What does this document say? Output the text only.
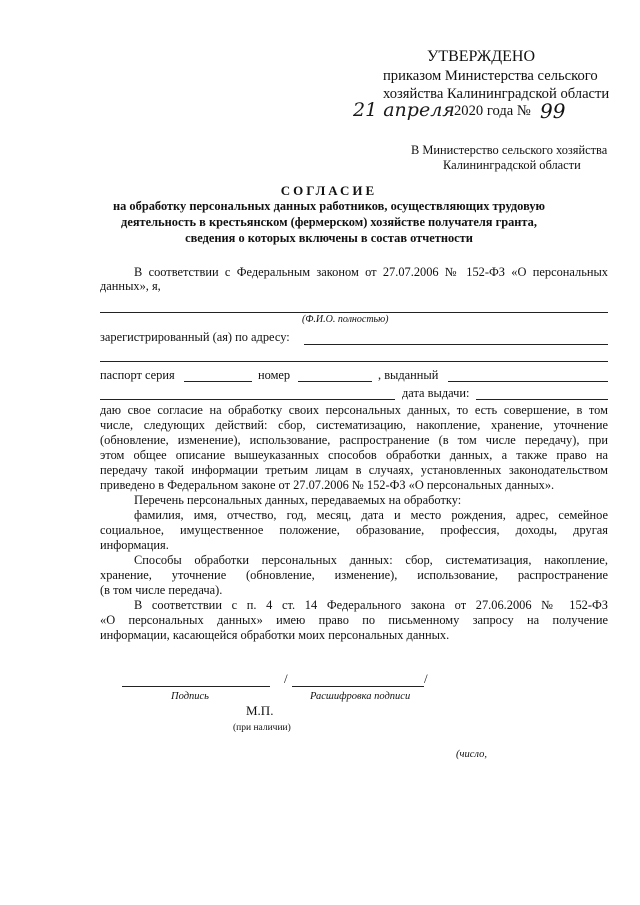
УТВЕРЖДЕНО
приказом Министерства сельского
хозяйства Калининградской области
21 апреля 2020 года № 99
В Министерство сельского хозяйства
Калининградской области
СОГЛАСИЕ
на обработку персональных данных работников, осуществляющих трудовую
деятельность в крестьянском (фермерском) хозяйстве получателя гранта,
сведения о которых включены в состав отчетности
В соответствии с Федеральным законом от 27.07.2006 № 152-ФЗ «О персональных
данных», я,
(Ф.И.О. полностью)
зарегистрированный (ая) по адресу:
паспорт серия	номер	, выданный
дата выдачи:
даю свое согласие на обработку своих персональных данных, то есть совершение, в том
числе, следующих действий: сбор, систематизацию, накопление, хранение, уточнение
(обновление, изменение), использование, распространение (в том числе передачу), при
этом общее описание вышеуказанных способов обработки данных, а также право на
передачу такой информации третьим лицам в случаях, установленных законодательством
приведено в Федеральном законе от 27.07.2006 № 152-ФЗ «О персональных данных».
Перечень персональных данных, передаваемых на обработку:
фамилия, имя, отчество, год, месяц, дата и место рождения, адрес, семейное
социальное, имущественное положение, образование, профессия, доходы, другая
информация.
Способы обработки персональных данных: сбор, систематизация, накопление,
хранение, уточнение (обновление, изменение), использование, распространение
(в том числе передача).
В соответствии с п. 4 ст. 14 Федерального закона от 27.06.2006 № 152-ФЗ
«О персональных данных» имею право по письменному запросу на получение
информации, касающейся обработки моих персональных данных.
/	/
Подпись	Расшифровка подписи
М.П.
(при наличии)
(число,
